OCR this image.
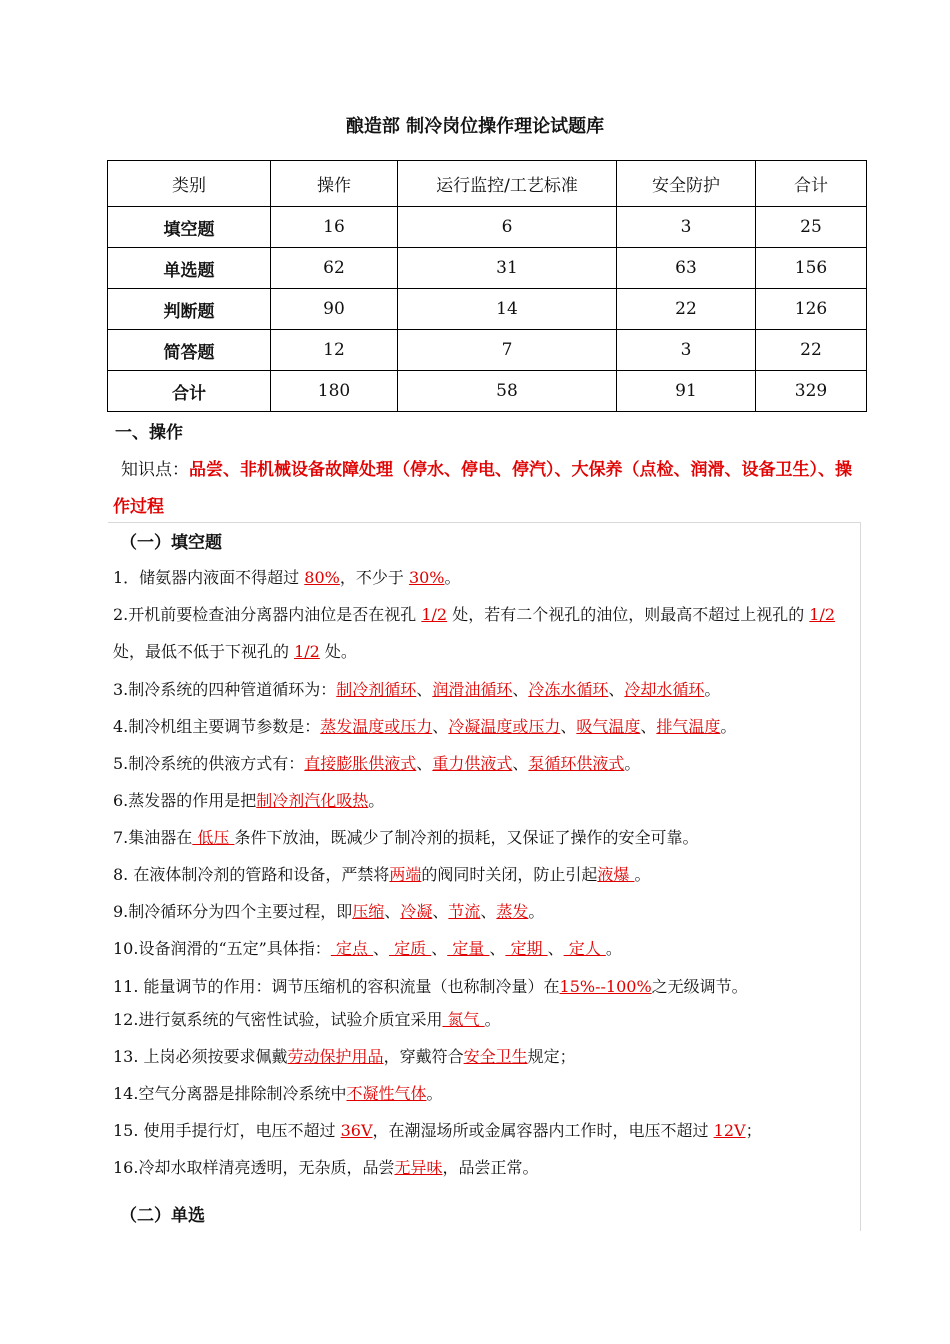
酿造部 制冷岗位操作理论试题库
类别	操作	运行监控/工艺标准	安全防护	合计
填空题	16	6	3	25
单选题	62	31	63	156
判断题	90	14	22	126
简答题	12	7	3	22
合计	180	58	91	329
一、操作
知识点：品尝、非机械设备故障处理（停水、停电、停汽）、大保养（点检、润滑、设备卫生）、操作过程
（一）填空题
1．储氨器内液面不得超过 80%，不少于 30%。
2.开机前要检查油分离器内油位是否在视孔 1/2 处，若有二个视孔的油位，则最高不超过上视孔的 1/2 处，最低不低于下视孔的 1/2 处。
3.制冷系统的四种管道循环为：制冷剂循环、润滑油循环、冷冻水循环、冷却水循环。
4.制冷机组主要调节参数是：蒸发温度或压力、冷凝温度或压力、吸气温度、排气温度。
5.制冷系统的供液方式有：直接膨胀供液式、重力供液式、泵循环供液式。
6.蒸发器的作用是把制冷剂汽化吸热。
7.集油器在 低压 条件下放油，既减少了制冷剂的损耗，又保证了操作的安全可靠。
8. 在液体制冷剂的管路和设备，严禁将两端的阀同时关闭，防止引起液爆 。
9.制冷循环分为四个主要过程，即压缩、冷凝、节流、蒸发。
10.设备润滑的“五定”具体指： 定点 、 定质 、 定量 、 定期 、 定人 。
11. 能量调节的作用：调节压缩机的容积流量（也称制冷量）在15%--100%之无级调节。
12.进行氨系统的气密性试验，试验介质宜采用 氮气 。
13. 上岗必须按要求佩戴劳动保护用品，穿戴符合安全卫生规定；
14.空气分离器是排除制冷系统中不凝性气体。
15. 使用手提行灯，电压不超过 36V，在潮湿场所或金属容器内工作时，电压不超过 12V；
16.冷却水取样清亮透明，无杂质，品尝无异味，品尝正常。
（二）单选
